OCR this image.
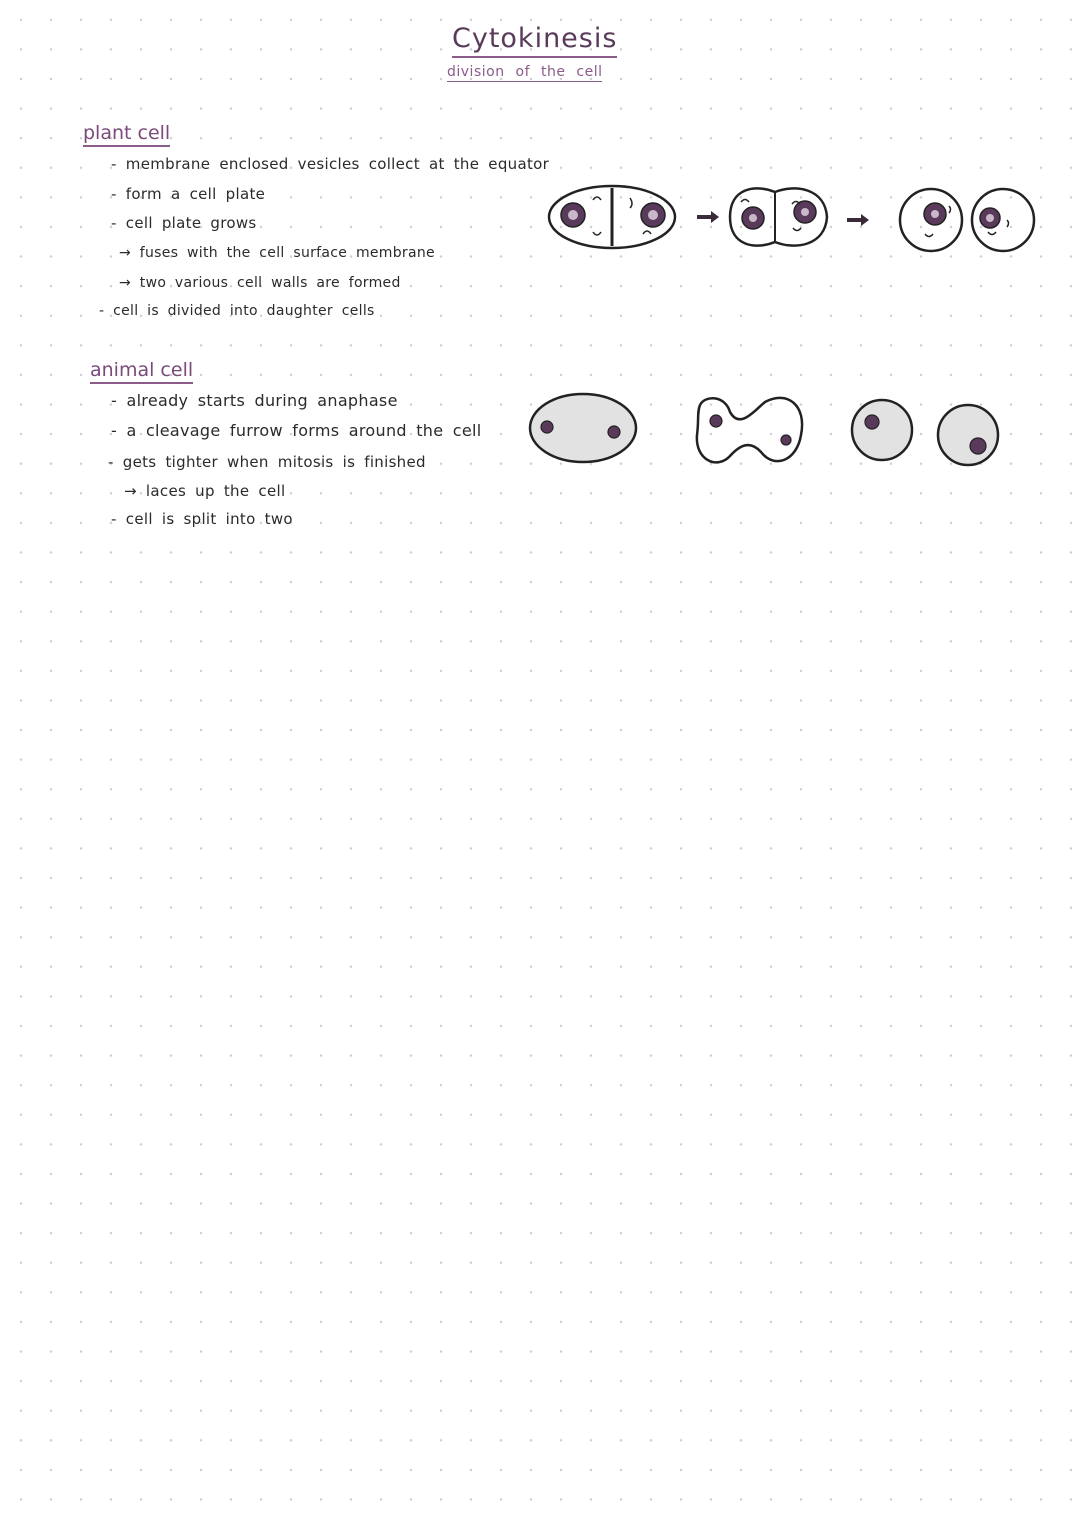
Cytokinesis
division of the cell
plant cell
- membrane enclosed vesicles collect at the equator
- form a cell plate
- cell plate grows
→ fuses with the cell surface membrane
→ two various cell walls are formed
- cell is divided into daughter cells
animal cell
- already starts during anaphase
- a cleavage furrow forms around the cell
- gets tighter when mitosis is finished
→ laces up the cell
- cell is split into two
